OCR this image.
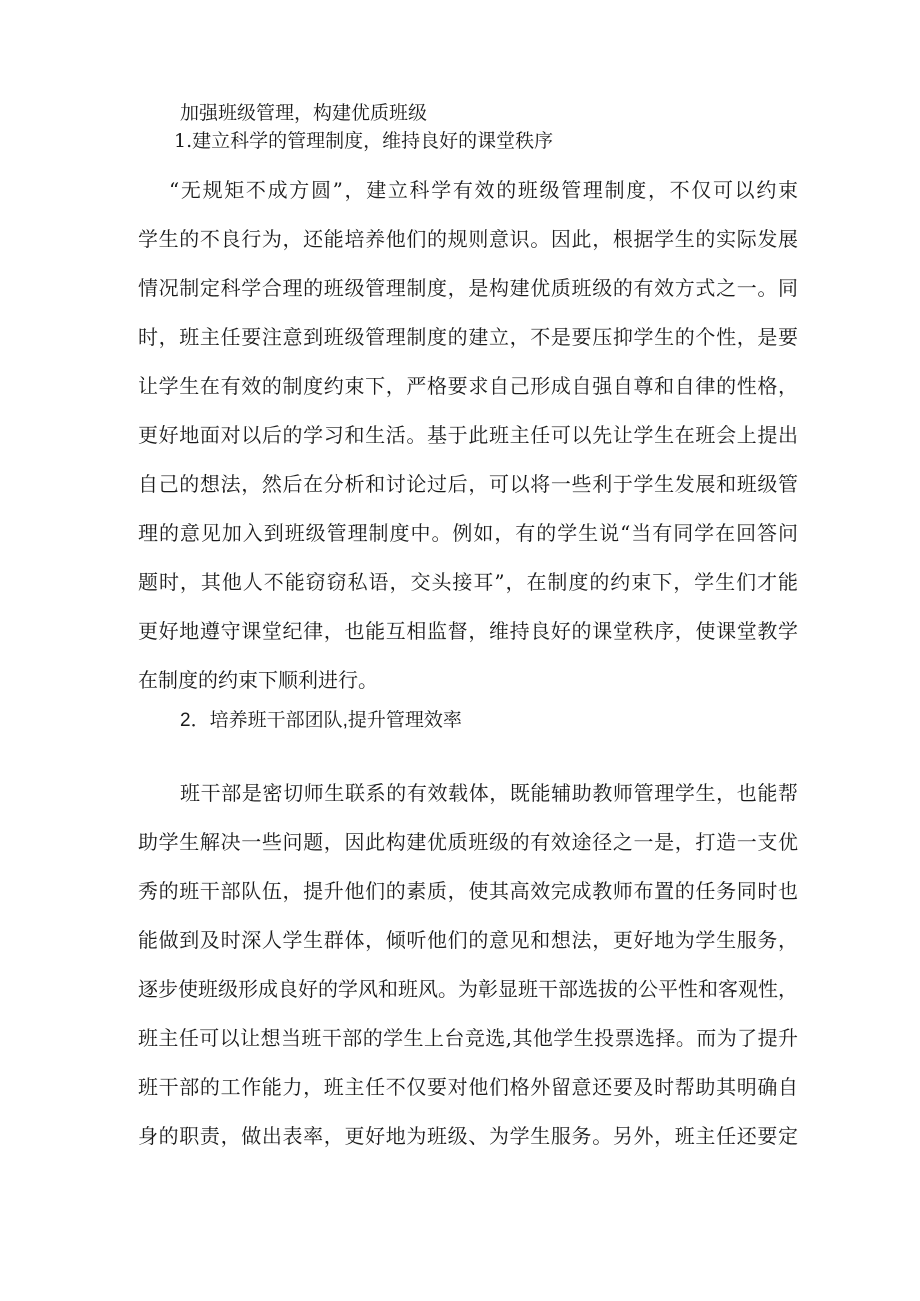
加强班级管理，构建优质班级
1.建立科学的管理制度，维持良好的课堂秩序
“无规矩不成方圆”，建立科学有效的班级管理制度，不仅可以约束
学生的不良行为，还能培养他们的规则意识。因此，根据学生的实际发展
情况制定科学合理的班级管理制度，是构建优质班级的有效方式之一。同
时，班主任要注意到班级管理制度的建立，不是要压抑学生的个性，是要
让学生在有效的制度约束下，严格要求自己形成自强自尊和自律的性格，
更好地面对以后的学习和生活。基于此班主任可以先让学生在班会上提出
自己的想法，然后在分析和讨论过后，可以将一些利于学生发展和班级管
理的意见加入到班级管理制度中。例如，有的学生说“当有同学在回答问
题时，其他人不能窃窃私语，交头接耳”，在制度的约束下，学生们才能
更好地遵守课堂纪律，也能互相监督，维持良好的课堂秩序，使课堂教学
在制度的约束下顺利进行。
2．培养班干部团队,提升管理效率
班干部是密切师生联系的有效载体，既能辅助教师管理学生，也能帮
助学生解决一些问题，因此构建优质班级的有效途径之一是，打造一支优
秀的班干部队伍，提升他们的素质，使其高效完成教师布置的任务同时也
能做到及时深人学生群体，倾听他们的意见和想法，更好地为学生服务，
逐步使班级形成良好的学风和班风。为彰显班干部选拔的公平性和客观性，
班主任可以让想当班干部的学生上台竞选,其他学生投票选择。而为了提升
班干部的工作能力，班主任不仅要对他们格外留意还要及时帮助其明确自
身的职责，做出表率，更好地为班级、为学生服务。另外，班主任还要定
